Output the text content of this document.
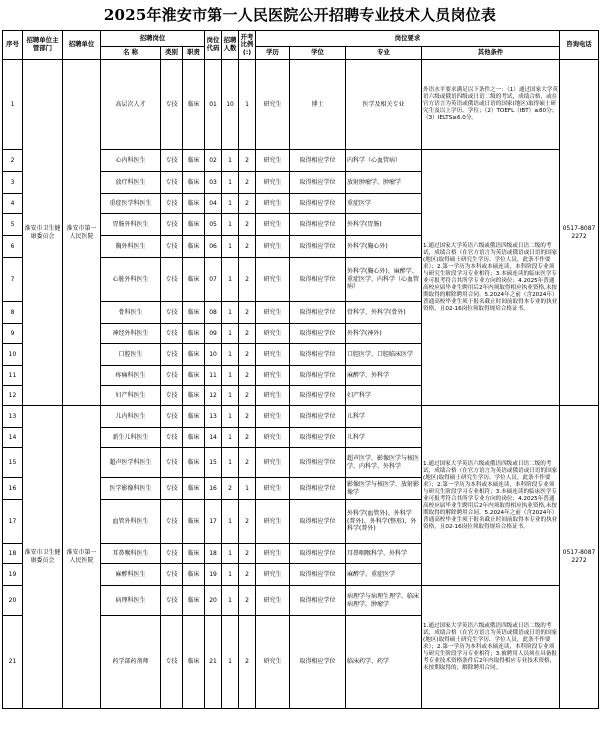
2025年淮安市第一人民医院公开招聘专业技术人员岗位表
序号	招聘单位主管部门	招聘单位	招聘岗位			岗位代码	招聘人数	开考比例(:)	岗位要求				咨询电话
			名 称	类别	职责				学历	学位	专业	其他条件	
1	淮安市卫生健康委员会	淮安市第一人民医院	高层次人才	专技	临床	01	10	1	研究生	博士	医学及相关专业	外语水平要求满足以下条件之一：（1）通过国家大学英语六级或俄语四级或日语二级的考试，成绩合格，或在官方语言为英语或俄语或日语的国家(地区)取得硕士研究生及以上学历、学位；（2）TOEFL（IBT）≥80分；（3）IELTS≥6.0分。	0517-80872272
2			心内科医生	专技	临床	02	1	2	研究生	取得相应学位	内科学（心血管病）	1.通过国家大学英语六级或俄语四级或日语二级的考试，成绩合格（在官方语言为英语或俄语或日语的国家(地区)取得硕士研究生学历、学位人员，此条不作要求）；2.第一学历为本科或本硕连读，本科阶段专业须与研究生阶段学习专业相符；3.本硕连读的临床医学专业可报考符合其所学专业方向的岗位；4.2025年普通高校应届毕业生聘用后2年内须取得相应执业资格,未按期取得的解除聘用合同。5.2024年之前（含2024年）普通高校毕业生须于报名截止时间前取得本专业的执业资格，且02-16岗位须取得规培合格证书。	
3			放疗科医生	专技	临床	03	1	2	研究生	取得相应学位	放射肿瘤学、肿瘤学		
4			重症医学科医生	专技	临床	04	1	2	研究生	取得相应学位	重症医学		
5			胃肠外科医生	专技	临床	05	1	2	研究生	取得相应学位	外科学(胃肠)		
6			胸外科医生	专技	临床	06	1	2	研究生	取得相应学位	外科学(胸心外)		
7			心脏外科医生	专技	临床	07	1	2	研究生	取得相应学位	外科学(胸心外)、麻醉学、重症医学、内科学（心血管病）		
8			骨科医生	专技	临床	08	1	2	研究生	取得相应学位	骨科学、外科学(骨外)		
9			神经外科医生	专技	临床	09	1	2	研究生	取得相应学位	外科学(神外)		
10			口腔医生	专技	临床	10	1	2	研究生	取得相应学位	口腔医学、口腔临床医学		
11			疼痛科医生	专技	临床	11	1	2	研究生	取得相应学位	麻醉学、外科学		
12			妇产科医生	专技	临床	12	1	2	研究生	取得相应学位	妇产科学		
13	淮安市卫生健康委员会	淮安市第一人民医院	儿内科医生	专技	临床	13	1	2	研究生	取得相应学位	儿科学	1.通过国家大学英语六级或俄语四级或日语二级的考试，成绩合格（在官方语言为英语或俄语或日语的国家(地区)取得硕士研究生学历、学位人员，此条不作要求）；2.第一学历为本科或本硕连读，本科阶段专业须与研究生阶段学习专业相符；3.本硕连读的临床医学专业可报考符合其所学专业方向的岗位；4.2025年普通高校应届毕业生聘用后2年内须取得相应执业资格,未按期取得的解除聘用合同。5.2024年之前（含2024年）普通高校毕业生须于报名截止时间前取得本专业的执业资格，且02-16岗位须取得规培合格证书。	0517-80872272
14			新生儿科医生	专技	临床	14	1	2	研究生	取得相应学位	儿科学		
15			超声医学科医生	专技	临床	15	1	2	研究生	取得相应学位	超声医学、影像医学与核医学、内科学、外科学		
16			医学影像科医生	专技	临床	16	2	1	研究生	取得相应学位	影像医学与核医学、放射影像学		
17			血管外科医生	专技	临床	17	1	2	研究生	取得相应学位	外科学(血管外)、外科学(普外)、外科学(整形)、外科学(普外)		
18			耳鼻喉科医生	专技	临床	18	1	2	研究生	取得相应学位	耳鼻咽喉科学、外科学		
19			麻醉科医生	专技	临床	19	1	2	研究生	取得相应学位	麻醉学、重症医学		
20			病理科医生	专技	临床	20	1	2	研究生	取得相应学位	病理学与病理生理学、临床病理学、肿瘤学	1.通过国家大学英语六级或俄语四级或日语二级的考试，成绩合格（在官方语言为英语或俄语或日语的国家(地区)取得硕士研究生学历、学位人员，此条不作要求）；2.第一学历为本科或本硕连读，本科阶段专业须与研究生阶段学习专业相符；3.被聘用人员须在具备报考专业技术资格条件后2年内取得相应专业技术资格，未按期取得的，解除聘用合同。	
21			药学部药剂师	专技	临床	21	1	2	研究生	取得相应学位	临床药学、药学		
